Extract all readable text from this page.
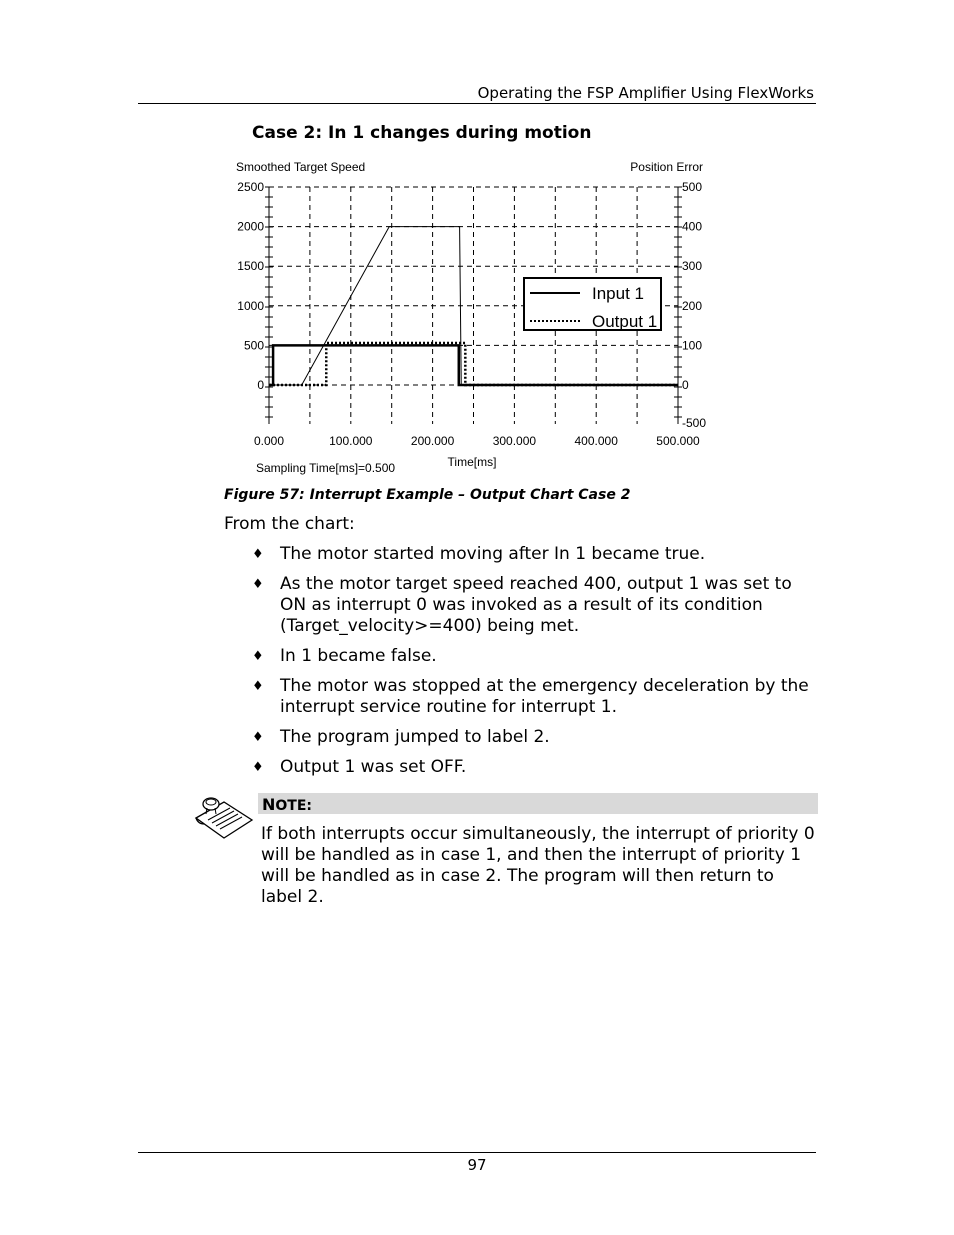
Operating the FSP Amplifier Using FlexWorks
Case 2: In 1 changes during motion
Input 1
Output 1
0
500
1000
1500
2000
2500
-500
0
100
200
300
400
500
0.000	100.000	200.000	300.000	400.000	500.000
Smoothed Target Speed	Position Error
Time[ms]
Sampling Time[ms]=0.500
Figure 57: Interrupt Example – Output Chart Case 2
From the chart:
♦ The motor started moving after In 1 became true.
♦ As the motor target speed reached 400, output 1 was set to ON as interrupt 0 was invoked as a result of its condition (Target_velocity>=400) being met.
♦ In 1 became false.
♦ The motor was stopped at the emergency deceleration by the interrupt service routine for interrupt 1.
♦ The program jumped to label 2.
♦ Output 1 was set OFF.
NOTE:
If both interrupts occur simultaneously, the interrupt of priority 0 will be handled as in case 1, and then the interrupt of priority 1 will be handled as in case 2. The program will then return to label 2.
97
